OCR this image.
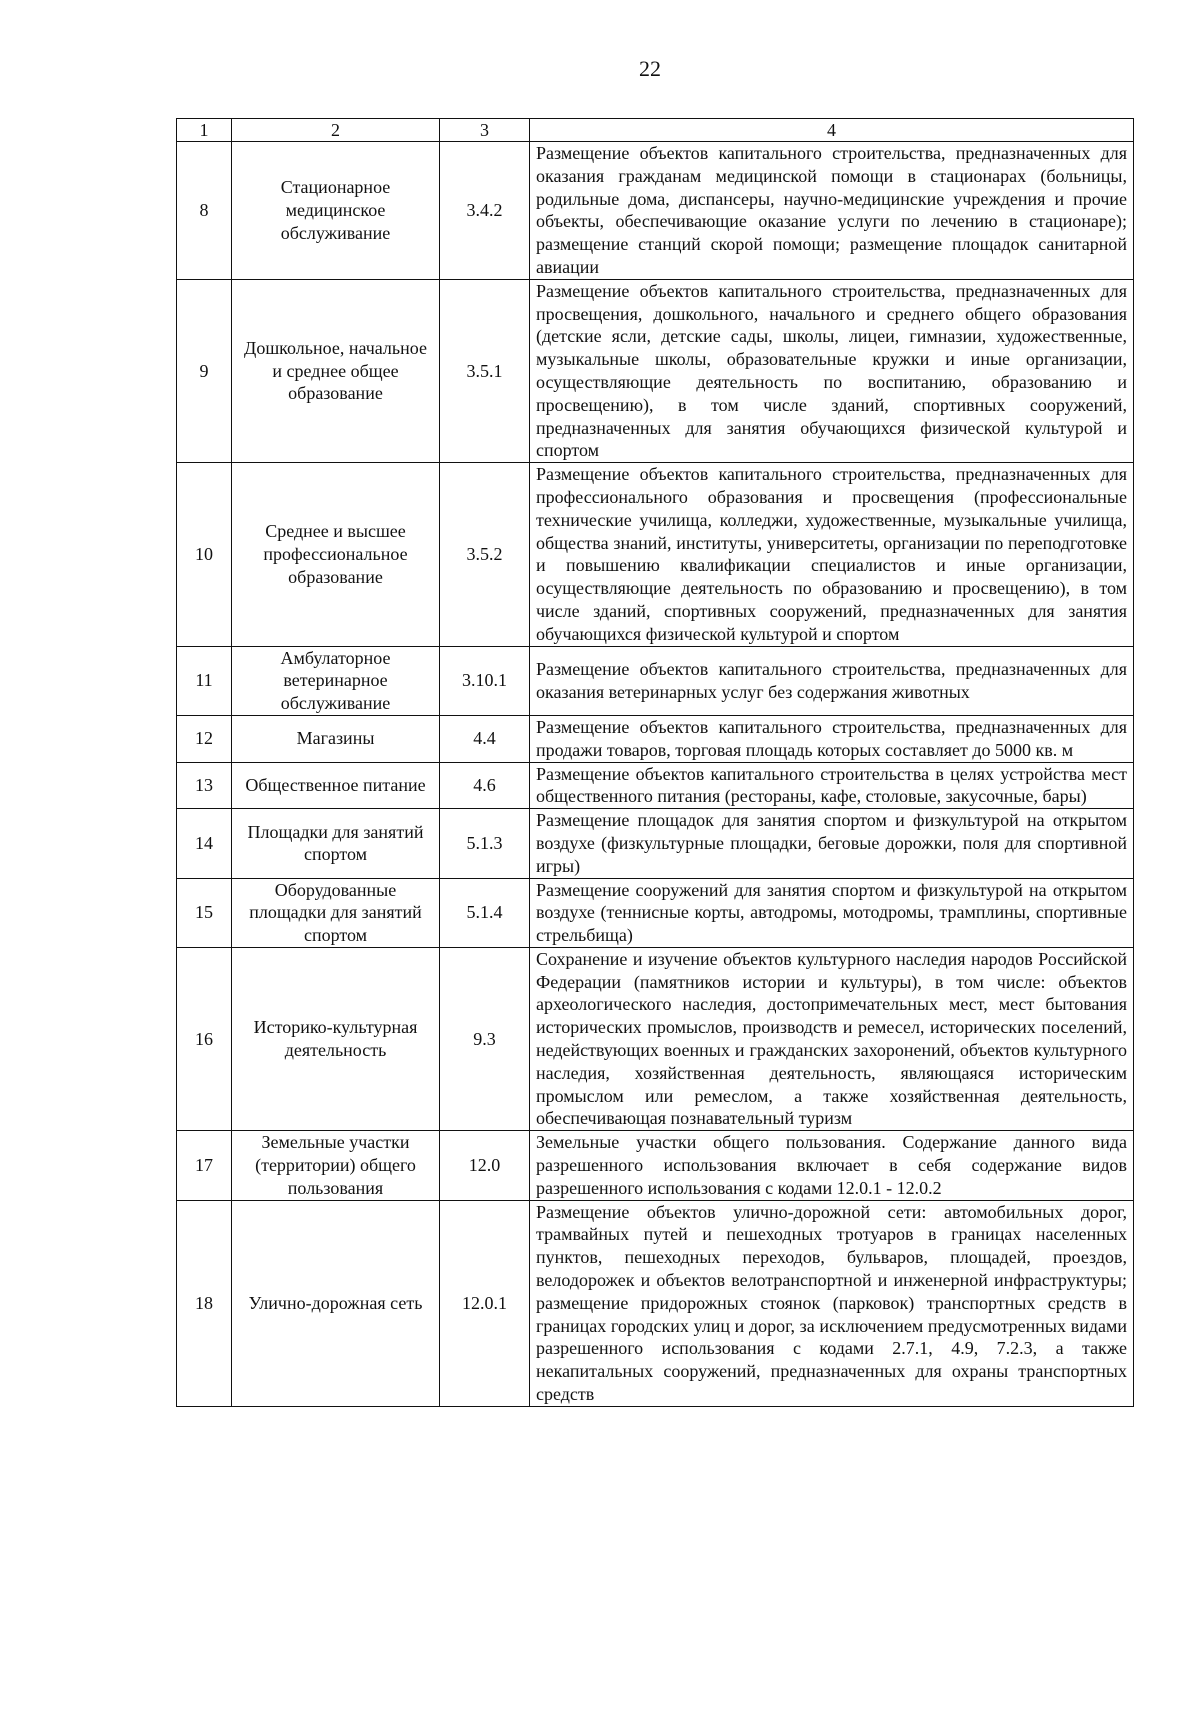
22
1	2	3	4
8	Стационарное медицинское обслуживание	3.4.2	Размещение объектов капитального строительства, предназначенных для оказания гражданам медицинской помощи в стационарах (больницы, родильные дома, диспансеры, научно-медицинские учреждения и прочие объекты, обеспечивающие оказание услуги по лечению в стационаре); размещение станций скорой помощи; размещение площадок санитарной авиации
9	Дошкольное, начальное и среднее общее образование	3.5.1	Размещение объектов капитального строительства, предназначенных для просвещения, дошкольного, начального и среднего общего образования (детские ясли, детские сады, школы, лицеи, гимназии, художественные, музыкальные школы, образовательные кружки и иные организации, осуществляющие деятельность по воспитанию, образованию и просвещению), в том числе зданий, спортивных сооружений, предназначенных для занятия обучающихся физической культурой и спортом
10	Среднее и высшее профессиональное образование	3.5.2	Размещение объектов капитального строительства, предназначенных для профессионального образования и просвещения (профессиональные технические училища, колледжи, художественные, музыкальные училища, общества знаний, институты, университеты, организации по переподготовке и повышению квалификации специалистов и иные организации, осуществляющие деятельность по образованию и просвещению), в том числе зданий, спортивных сооружений, предназначенных для занятия обучающихся физической культурой и спортом
11	Амбулаторное ветеринарное обслуживание	3.10.1	Размещение объектов капитального строительства, предназначенных для оказания ветеринарных услуг без содержания животных
12	Магазины	4.4	Размещение объектов капитального строительства, предназначенных для продажи товаров, торговая площадь которых составляет до 5000 кв. м
13	Общественное питание	4.6	Размещение объектов капитального строительства в целях устройства мест общественного питания (рестораны, кафе, столовые, закусочные, бары)
14	Площадки для занятий спортом	5.1.3	Размещение площадок для занятия спортом и физкультурой на открытом воздухе (физкультурные площадки, беговые дорожки, поля для спортивной игры)
15	Оборудованные площадки для занятий спортом	5.1.4	Размещение сооружений для занятия спортом и физкультурой на открытом воздухе (теннисные корты, автодромы, мотодромы, трамплины, спортивные стрельбища)
16	Историко-культурная деятельность	9.3	Сохранение и изучение объектов культурного наследия народов Российской Федерации (памятников истории и культуры), в том числе: объектов археологического наследия, достопримечательных мест, мест бытования исторических промыслов, производств и ремесел, исторических поселений, недействующих военных и гражданских захоронений, объектов культурного наследия, хозяйственная деятельность, являющаяся историческим промыслом или ремеслом, а также хозяйственная деятельность, обеспечивающая познавательный туризм
17	Земельные участки (территории) общего пользования	12.0	Земельные участки общего пользования. Содержание данного вида разрешенного использования включает в себя содержание видов разрешенного использования с кодами 12.0.1 - 12.0.2
18	Улично-дорожная сеть	12.0.1	Размещение объектов улично-дорожной сети: автомобильных дорог, трамвайных путей и пешеходных тротуаров в границах населенных пунктов, пешеходных переходов, бульваров, площадей, проездов, велодорожек и объектов велотранспортной и инженерной инфраструктуры; размещение придорожных стоянок (парковок) транспортных средств в границах городских улиц и дорог, за исключением предусмотренных видами разрешенного использования с кодами 2.7.1, 4.9, 7.2.3, а также некапитальных сооружений, предназначенных для охраны транспортных средств
